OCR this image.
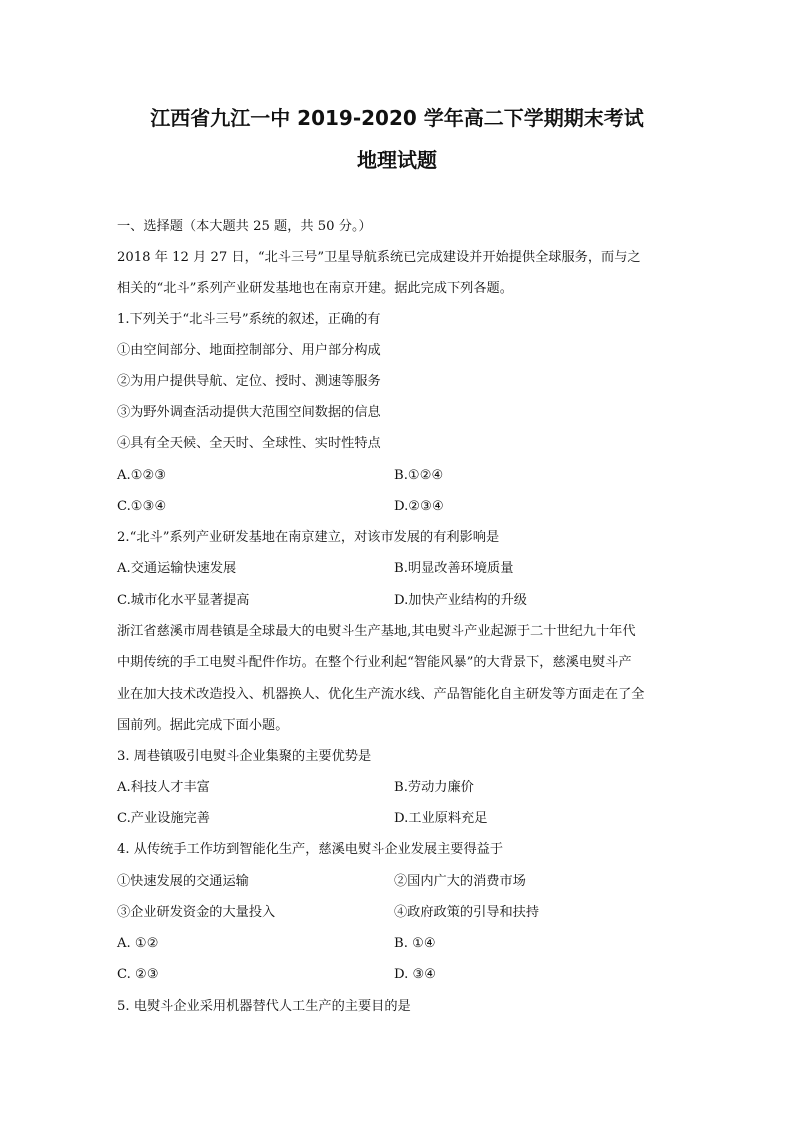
江西省九江一中 2019-2020 学年高二下学期期末考试
地理试题
一、选择题（本大题共 25 题，共 50 分。）
2018 年 12 月 27 日，“北斗三号”卫星导航系统已完成建设并开始提供全球服务，而与之
相关的“北斗”系列产业研发基地也在南京开建。据此完成下列各题。
1.下列关于“北斗三号”系统的叙述，正确的有
①由空间部分、地面控制部分、用户部分构成
②为用户提供导航、定位、授时、测速等服务
③为野外调查活动提供大范围空间数据的信息
④具有全天候、全天时、全球性、实时性特点
A.①②③	B.①②④
C.①③④	D.②③④
2.“北斗”系列产业研发基地在南京建立，对该市发展的有利影响是
A.交通运输快速发展	B.明显改善环境质量
C.城市化水平显著提高	D.加快产业结构的升级
浙江省慈溪市周巷镇是全球最大的电熨斗生产基地,其电熨斗产业起源于二十世纪九十年代
中期传统的手工电熨斗配件作坊。在整个行业利起“智能风暴”的大背景下，慈溪电熨斗产
业在加大技术改造投入、机器换人、优化生产流水线、产品智能化自主研发等方面走在了全
国前列。据此完成下面小题。
3. 周巷镇吸引电熨斗企业集聚的主要优势是
A.科技人才丰富	B.劳动力廉价
C.产业设施完善	D.工业原料充足
4. 从传统手工作坊到智能化生产，慈溪电熨斗企业发展主要得益于
①快速发展的交通运输	②国内广大的消费市场
③企业研发资金的大量投入	④政府政策的引导和扶持
A. ①②	B. ①④
C. ②③	D. ③④
5. 电熨斗企业采用机器替代人工生产的主要目的是
